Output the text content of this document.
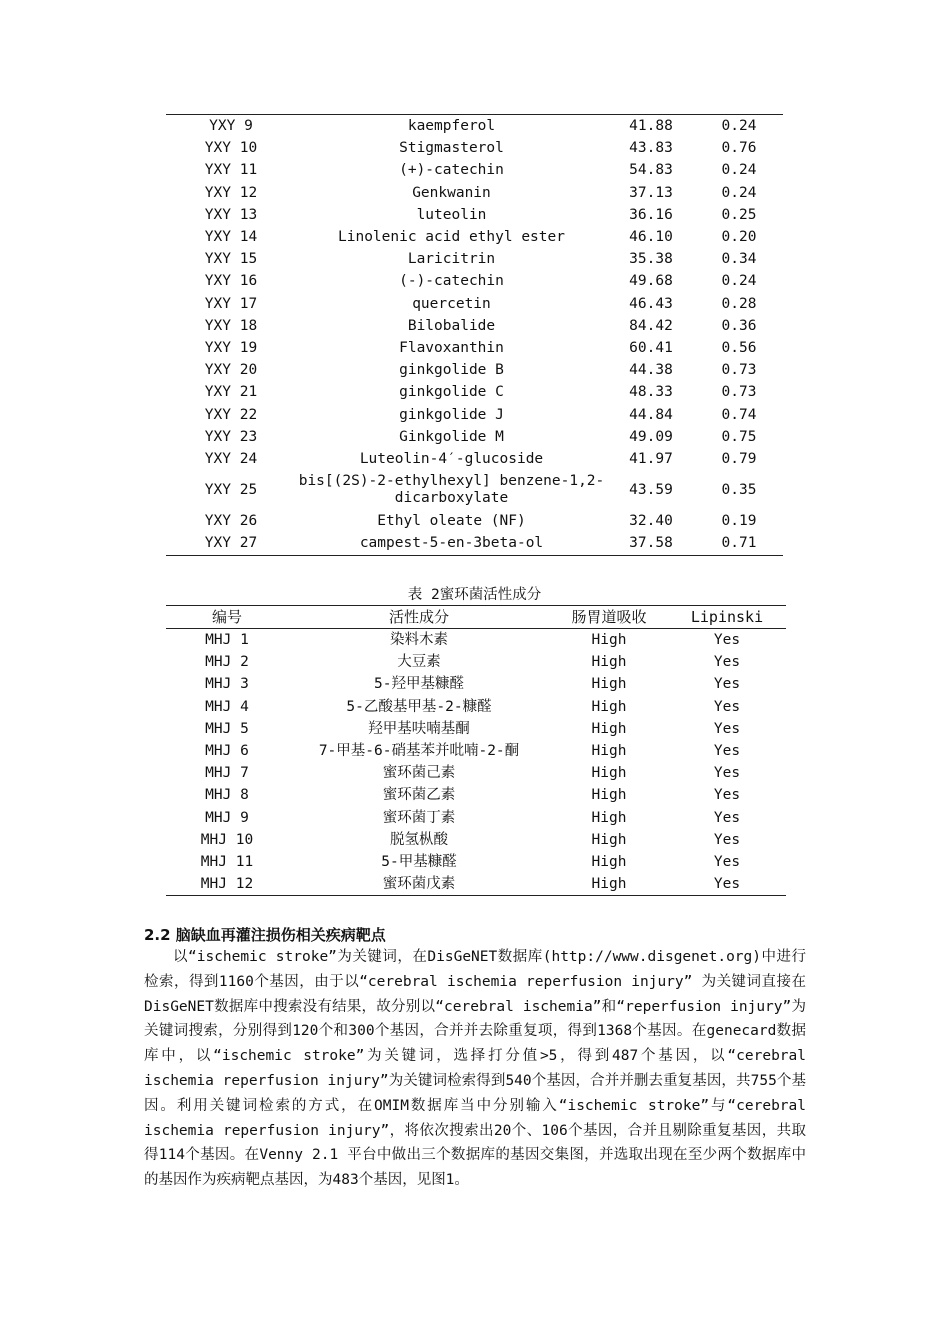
YXY 9	kaempferol	41.88	0.24
YXY 10	Stigmasterol	43.83	0.76
YXY 11	(+)-catechin	54.83	0.24
YXY 12	Genkwanin	37.13	0.24
YXY 13	luteolin	36.16	0.25
YXY 14	Linolenic acid ethyl ester	46.10	0.20
YXY 15	Laricitrin	35.38	0.34
YXY 16	(-)-catechin	49.68	0.24
YXY 17	quercetin	46.43	0.28
YXY 18	Bilobalide	84.42	0.36
YXY 19	Flavoxanthin	60.41	0.56
YXY 20	ginkgolide B	44.38	0.73
YXY 21	ginkgolide C	48.33	0.73
YXY 22	ginkgolide J	44.84	0.74
YXY 23	Ginkgolide M	49.09	0.75
YXY 24	Luteolin-4′-glucoside	41.97	0.79
YXY 25	bis[(2S)-2-ethylhexyl] benzene-1,2-dicarboxylate	43.59	0.35
YXY 26	Ethyl oleate (NF)	32.40	0.19
YXY 27	campest-5-en-3beta-ol	37.58	0.71
表 2蜜环菌活性成分
编号	活性成分	肠胃道吸收	Lipinski
MHJ 1	染料木素	High	Yes
MHJ 2	大豆素	High	Yes
MHJ 3	5-羟甲基糠醛	High	Yes
MHJ 4	5-乙酸基甲基-2-糠醛	High	Yes
MHJ 5	羟甲基呋喃基酮	High	Yes
MHJ 6	7-甲基-6-硝基苯并吡喃-2-酮	High	Yes
MHJ 7	蜜环菌己素	High	Yes
MHJ 8	蜜环菌乙素	High	Yes
MHJ 9	蜜环菌丁素	High	Yes
MHJ 10	脱氢枞酸	High	Yes
MHJ 11	5-甲基糠醛	High	Yes
MHJ 12	蜜环菌戊素	High	Yes
2.2 脑缺血再灌注损伤相关疾病靶点

以“ischemic stroke”为关键词，在DisGeNET数据库(http://www.disgenet.org)中进行检索，得到1160个基因，由于以“cerebral ischemia reperfusion injury” 为关键词直接在DisGeNET数据库中搜索没有结果，故分别以“cerebral ischemia”和“reperfusion injury”为关键词搜索，分别得到120个和300个基因，合并并去除重复项，得到1368个基因。在genecard数据库中，以“ischemic stroke”为关键词，选择打分值>5，得到487个基因，以“cerebral ischemia reperfusion injury”为关键词检索得到540个基因，合并并删去重复基因，共755个基因。利用关键词检索的方式，在OMIM数据库当中分别输入“ischemic stroke”与“cerebral ischemia reperfusion injury”，将依次搜索出20个、106个基因，合并且剔除重复基因，共取得114个基因。在Venny 2.1 平台中做出三个数据库的基因交集图，并选取出现在至少两个数据库中的基因作为疾病靶点基因，为483个基因，见图1。
